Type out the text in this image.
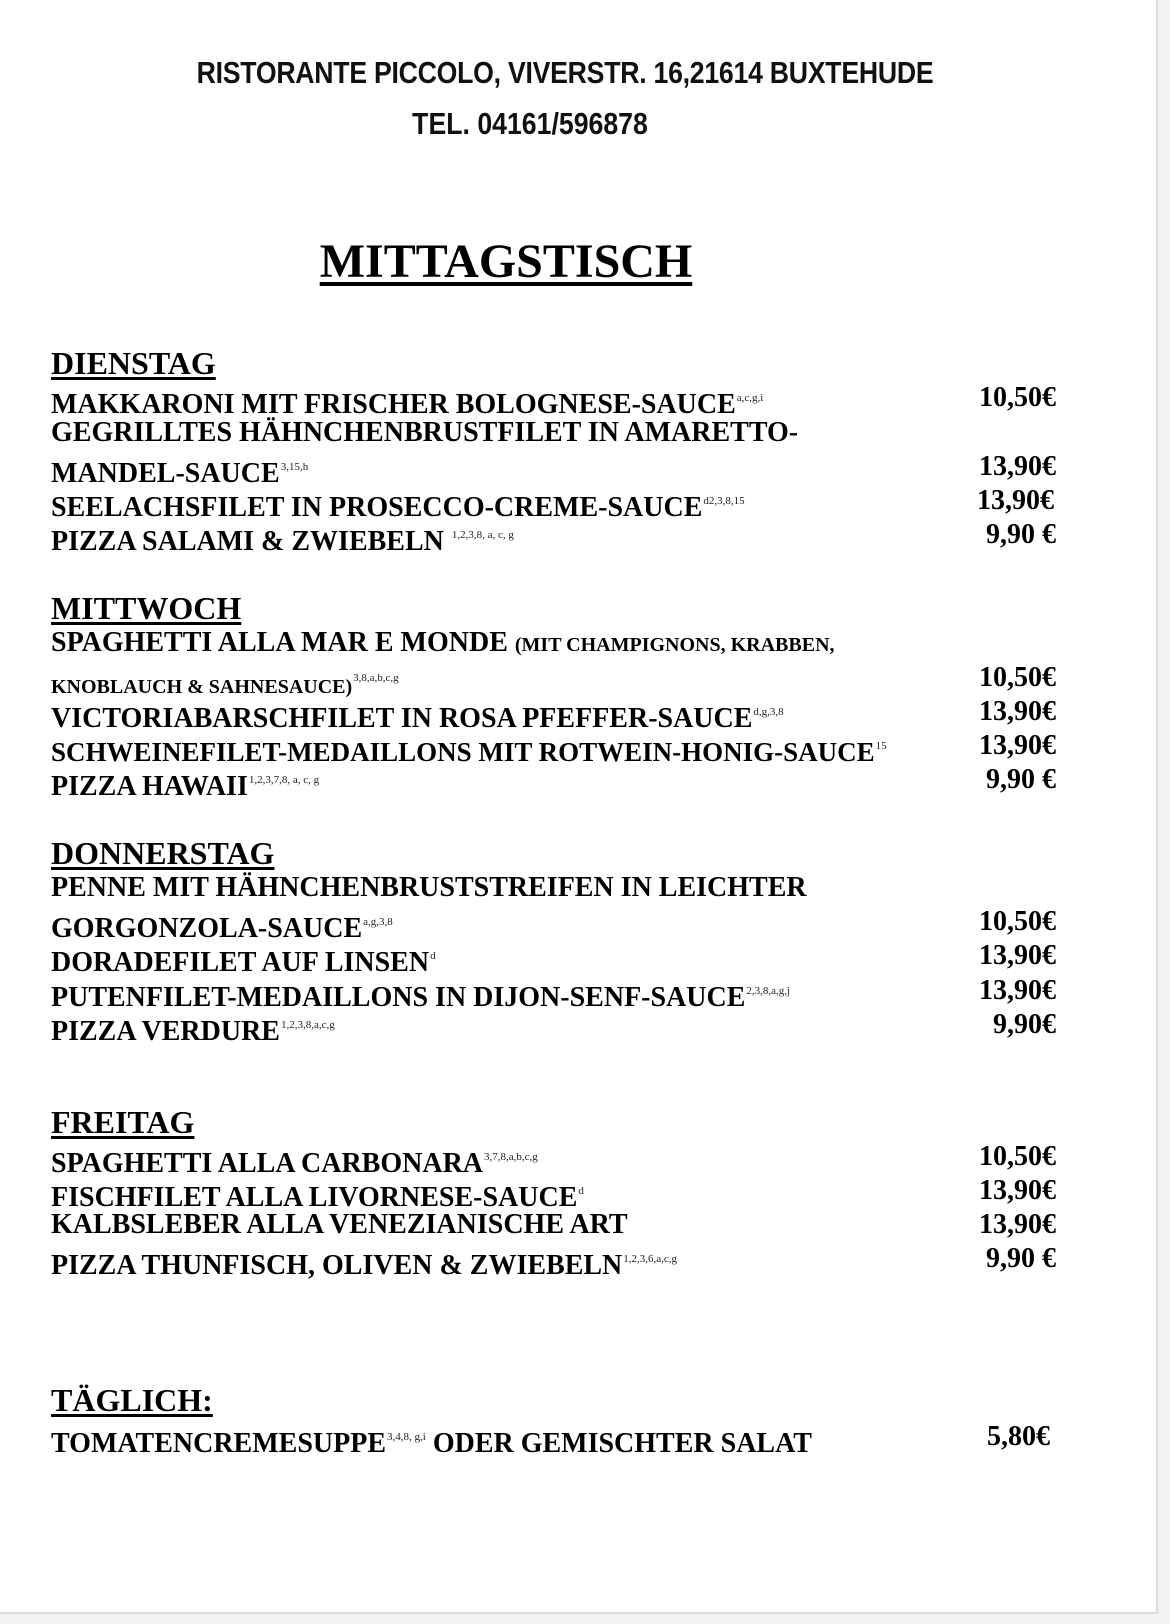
RISTORANTE PICCOLO, VIVERSTR. 16,21614 BUXTEHUDE
TEL. 04161/596878
MITTAGSTISCH
DIENSTAG
MAKKARONI MIT FRISCHER BOLOGNESE-SAUCE$^{a,c,g,i}$	10,50€
GEGRILLTES HÄHNCHENBRUSTFILET IN AMARETTO-
MANDEL-SAUCE$^{3,15,h}$	13,90€
SEELACHSFILET IN PROSECCO-$CREME-SAUCE^{d2,3,8,15}$	13,90€
PIZZA SALAMI & ZWIEBELN $^{1,2,3,8, a, c, g}$	9,90 €
MITTWOCH
SPAGHETTI ALLA MAR E MONDE (MIT CHAMPIGNONS, KRABBEN,
KNOBLAUCH & SAHNESAUCE)$^{3,8,a,b,c,g}$	10,50€
VICTORIABARSCHFILET IN ROSA PFEFFER-SAUCE$^{d,g,3,8}$	13,90€
SCHWEINEFILET-MEDAILLONS MIT ROTWEIN-HONIG-SAUCE$^{15}$	13,90€
PIZZA HAWAII$^{1,2,3,7,8, a, c, g}$	9,90 €
DONNERSTAG
PENNE MIT HÄHNCHENBRUSTSTREIFEN IN LEICHTER
GORGONZOLA-SAUCE$^{a,g,3,8}$	10,50€
DORADEFILET AUF LINSEN$^d$	13,90€
PUTENFILET-MEDAILLONS IN DIJON-SENF-SAUCE$^{2,3,8,a,g,j}$	13,90€
PIZZA VERDURE$^{1,2,3,8,a,c,g}$	9,90€
FREITAG
SPAGHETTI ALLA CARBONARA$^{3,7,8,a,b,c,g}$	10,50€
FISCHFILET ALLA LIVORNESE-SAUCE$^d$	13,90€
KALBSLEBER ALLA VENEZIANISCHE ART	13,90€
PIZZA THUNFISCH, OLIVEN & ZWIEBELN$^{1,2,3,6,a,c,g}$	9,90 €
TÄGLICH:
TOMATENCREMESUPPE$^{3,4,8, g,i}$ ODER GEMISCHTER SALAT	5,80€
